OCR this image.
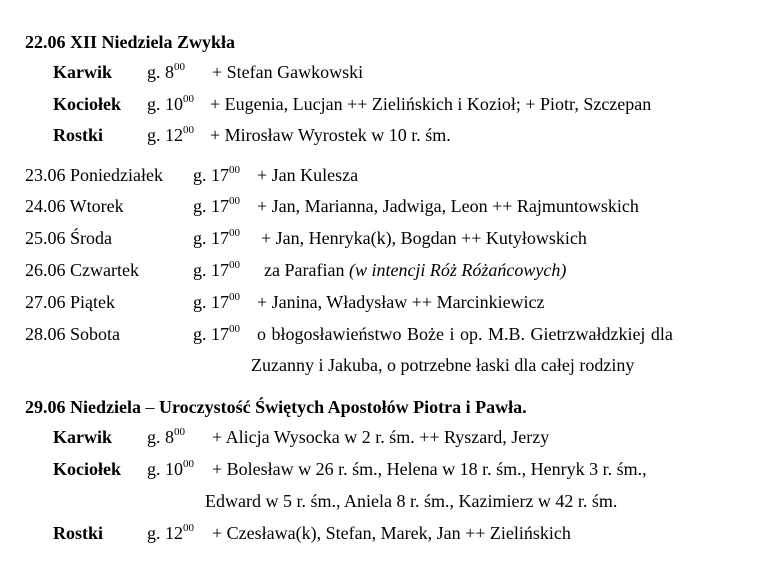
22.06 XII Niedziela Zwykła
Karwik g. $8^{00}$ + Stefan Gawkowski
Kociołek g. $10^{00}$ + Eugenia, Lucjan ++ Zielińskich i Kozioł; + Piotr, Szczepan
Rostki g. $12^{00}$ + Mirosław Wyrostek w 10 r. śm.
23.06 Poniedziałek g. $17^{00}$ + Jan Kulesza
24.06 Wtorek	g. $17^{00}$ + Jan, Marianna, Jadwiga, Leon ++ Rajmuntowskich
25.06 Środa	g. $17^{00}$ + Jan, Henryka(k), Bogdan ++ Kutyłowskich
26.06 Czwartek	g. $17^{00}$ za Parafian (w intencji Róż Różańcowych)
27.06 Piątek	g. $17^{00}$ + Janina, Władysław ++ Marcinkiewicz
28.06 Sobota	g. $17^{00}$ o błogosławieństwo Boże i op. M.B. Gietrzwałdzkiej dla
Zuzanny i Jakuba, o potrzebne łaski dla całej rodziny
29.06 Niedziela – Uroczystość Świętych Apostołów Piotra i Pawła.
Karwik g. $8^{00}$ + Alicja Wysocka w 2 r. śm. ++ Ryszard, Jerzy
Kociołek g. $10^{00}$ + Bolesław w 26 r. śm., Helena w 18 r. śm., Henryk 3 r. śm.,
Edward w 5 r. śm., Aniela 8 r. śm., Kazimierz w 42 r. śm.
Rostki g. $12^{00}$ + Czesława(k), Stefan, Marek, Jan ++ Zielińskich
